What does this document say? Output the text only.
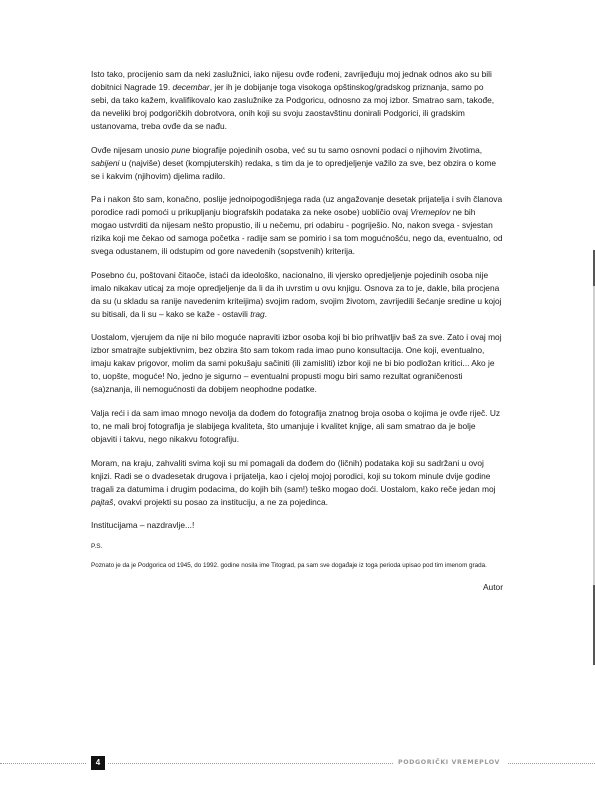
Isto tako, procijenio sam da neki zaslužnici, iako nijesu ovđe rođeni, zavrijeđuju moj jednak odnos ako su bili dobitnici Nagrade 19. decembar, jer ih je dobijanje toga visokoga opštinskog/gradskog priznanja, samo po sebi, da tako kažem, kvalifikovalo kao zaslužnike za Podgoricu, odnosno za moj izbor. Smatrao sam, takođe, da neveliki broj podgoričkih dobrotvora, onih koji su svoju zaostavštinu donirali Podgorici, ili gradskim ustanovama, treba ovđe da se nađu.

Ovđe nijesam unosio pune biografije pojedinih osoba, već su tu samo osnovni podaci o njihovim životima, sabijeni u (najviše) deset (kompjuterskih) redaka, s tim da je to opredjeljenje važilo za sve, bez obzira o kome se i kakvim (njihovim) djelima radilo.

Pa i nakon što sam, konačno, poslije jednoipogodišnjega rada (uz angažovanje desetak prijatelja i svih članova porodice radi pomoći u prikupljanju biografskih podataka za neke osobe) uobličio ovaj Vremeplov ne bih mogao ustvrditi da nijesam nešto propustio, ili u nečemu, pri odabiru - pogriješio. No, nakon svega - svjestan rizika koji me čekao od samoga početka - radije sam se pomirio i sa tom mogućnošću, nego da, eventualno, od svega odustanem, ili odstupim od gore navedenih (sopstvenih) kriterija.

Posebno ću, poštovani čitaoče, istaći da ideološko, nacionalno, ili vjersko opredjeljenje pojedinih osoba nije imalo nikakav uticaj za moje opredjeljenje da li da ih uvrstim u ovu knjigu. Osnova za to je, dakle, bila procjena da su (u skladu sa ranije navedenim kriteijima) svojim radom, svojim životom, zavrijedili šećanje sredine u kojoj su bitisali, da li su – kako se kaže - ostavili trag.

Uostalom, vjerujem da nije ni bilo moguće napraviti izbor osoba koji bi bio prihvatljiv baš za sve. Zato i ovaj moj izbor smatrajte subjektivnim, bez obzira što sam tokom rada imao puno konsultacija. One koji, eventualno, imaju kakav prigovor, molim da sami pokušaju sačiniti (ili zamisliti) izbor koji ne bi bio podložan kritici... Ako je to, uopšte, moguće! No, jedno je sigurno – eventualni propusti mogu biri samo rezultat ograničenosti (sa)znanja, ili nemogućnosti da dobijem neophodne podatke.

Valja reći i da sam imao mnogo nevolja da dođem do fotografija znatnog broja osoba o kojima je ovđe riječ. Uz to, ne mali broj fotografija je slabijega kvaliteta, što umanjuje i kvalitet knjige, ali sam smatrao da je bolje objaviti i takvu, nego nikakvu fotografiju.

Moram, na kraju, zahvaliti svima koji su mi pomagali da dođem do (ličnih) podataka koji su sadržani u ovoj knjizi. Radi se o dvadesetak drugova i prijatelja, kao i cjeloj mojoj porodici, koji su tokom minule dvije godine tragali za datumima i drugim podacima, do kojih bih (sam!) teško mogao doći. Uostalom, kako reče jedan moj pajtaš, ovakvi projekti su posao za instituciju, a ne za pojedinca.

Institucijama – nazdravlje...!

P.S.

Poznato je da je Podgorica od 1945, do 1992. godine nosila ime Titograd, pa sam sve događaje iz toga perioda upisao pod tim imenom grada.

Autor

4	PODGORIČKI VREMEPLOV
